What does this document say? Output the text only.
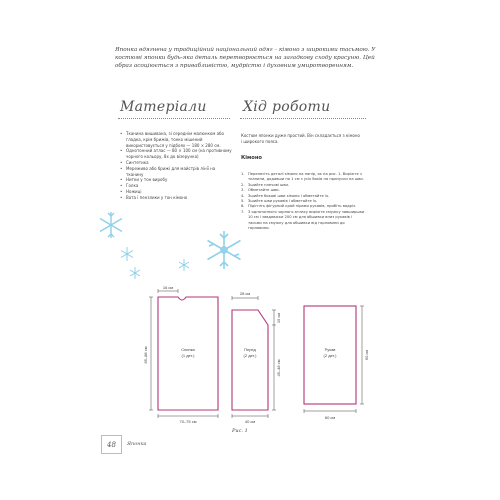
Японка вдягнена у традиційний національний одяг – кімоно з широкими тасьмою. У костюмі японки будь-яка деталь перетворюється на загадкову сходу красуню. Цей образ асоціюється з привабливістю, мудрістю і духовним умиротворенням.
Матеріали	Хід роботи
• Тканина вишивана, зі середнім малюнком або гладка, крім брижів, тонко мішений використовується у підбоях — 180 × 280 см.
• Однотонний атлас — 80 × 100 см (на противному чорного кольору, 8х до візерунка)
• Синтетика
• Мереживо або брижі для майстрів лінії на тканину
• Нитки у тон виробу
• Голка
• Ножиці
• Вата і пензлики у тон кімоно
Костюм японки дуже простий. Він складається з кімоно і широкого пояса.
Кімоно
1. Перенесіть деталі кімоно на папір, як на рис. 1. Виріжте з тканини, додавши по 1 см з усіх боків на припуски на шви.
2. Зшийте плечові шви.
3. Обметайте шви.
4. Зшийте бокові шви кімоно і обметайте їх.
5. Зшийте шви рукавів і обметайте їх.
6. Підігніть фігурний край пірами рукавів, прибіть вадріз.
7. З однотонного чорного атласу виріжте смужку завширшки 10 см і завдовжки 200 см для обшивки вниз рукавів і тасьми на смужку для обшивки від горловини до горловини.
Спинка
(1 дет.)
16 см
85–88 см
70–75 см
Перед
(2 дет.)
28 см
15 см
45–48 см
40 см
Рукав
(2 дет.)	60 см
60 см
Рис. 1
48	Японка
